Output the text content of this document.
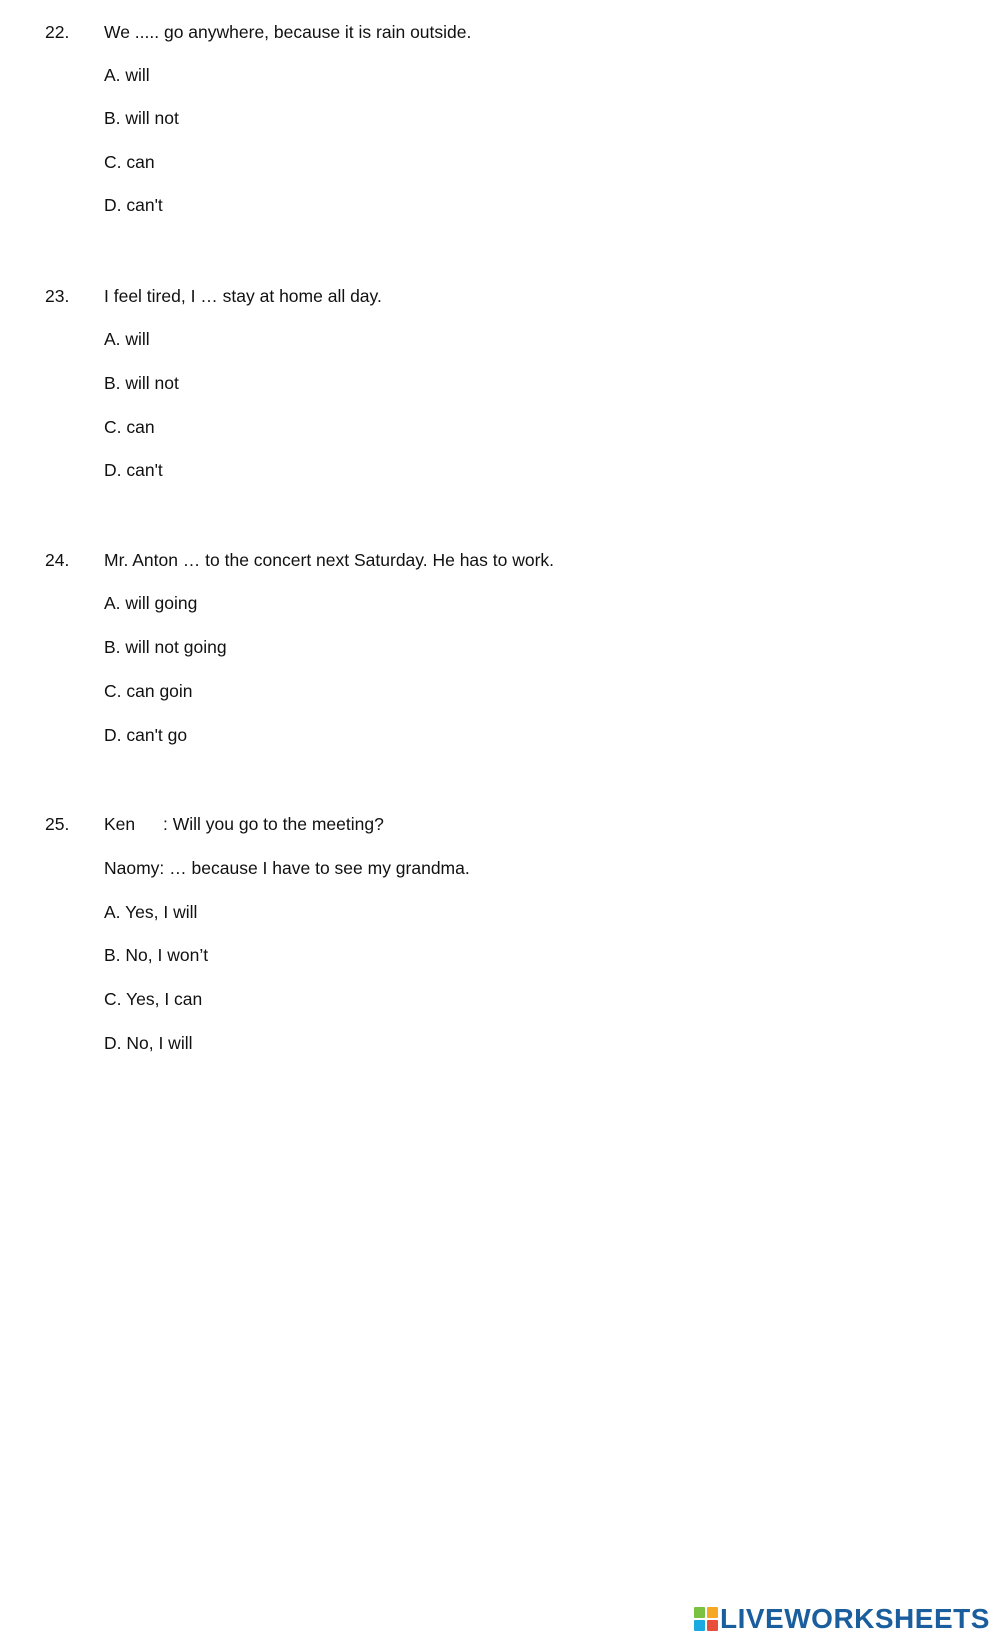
22. We ..... go anywhere, because it is rain outside.
A. will
B. will not
C. can
D. can't
23. I feel tired, I … stay at home all day.
A. will
B. will not
C. can
D. can't
24. Mr. Anton … to the concert next Saturday. He has to work.
A. will going
B. will not going
C. can goin
D. can't go
25. Ken : Will you go to the meeting?
Naomy: … because I have to see my grandma.
A. Yes, I will
B. No, I won’t
C. Yes, I can
D. No, I will
LIVEWORKSHEETS
